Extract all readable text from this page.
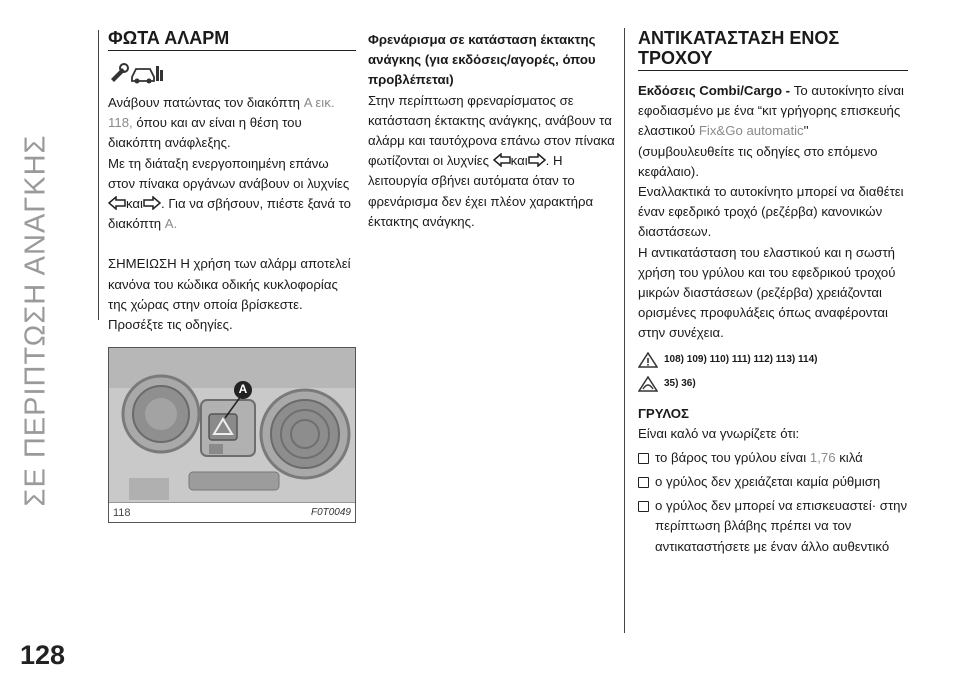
ΣΕ ΠΕΡΙΠΤΩΣΗ ΑΝΑΓΚΗΣ
ΦΩΤΑ ΑΛΑΡΜ

Ανάβουν πατώντας τον διακόπτη A εικ. 118, όπου και αν είναι η θέση του διακόπτη ανάφλεξης.

Με τη διάταξη ενεργοποιημένη επάνω στον πίνακα οργάνων ανάβουν οι λυχνίες και . Για να σβήσουν, πιέστε ξανά το διακόπτη A.

ΣΗΜΕΙΩΣΗ Η χρήση των αλάρμ αποτελεί κανόνα του κώδικα οδικής κυκλοφορίας της χώρας στην οποία βρίσκεστε. Προσέξτε τις οδηγίες.

A
118	F0T0049

Φρενάρισμα σε κατάσταση έκτακτης ανάγκης (για εκδόσεις/αγορές, όπου προβλέπεται)

Στην περίπτωση φρεναρίσματος σε κατάσταση έκτακτης ανάγκης, ανάβουν τα αλάρμ και ταυτόχρονα επάνω στον πίνακα φωτίζονται οι λυχνίες και . Η λειτουργία σβήνει αυτόματα όταν το φρενάρισμα δεν έχει πλέον χαρακτήρα έκτακτης ανάγκης.

ΑΝΤΙΚΑΤΑΣΤΑΣΗ ΕΝΟΣ ΤΡΟΧΟΥ

Εκδόσεις Combi/Cargo - Το αυτοκίνητο είναι εφοδιασμένο με ένα “κιτ γρήγορης επισκευής ελαστικού Fix&Go automatic'' (συμβουλευθείτε τις οδηγίες στο επόμενο κεφάλαιο).

Εναλλακτικά το αυτοκίνητο μπορεί να διαθέτει έναν εφεδρικό τροχό (ρεζέρβα) κανονικών διαστάσεων.

Η αντικατάσταση του ελαστικού και η σωστή χρήση του γρύλου και του εφεδρικού τροχού μικρών διαστάσεων (ρεζέρβα) χρειάζονται ορισμένες προφυλάξεις όπως αναφέρονται στην συνέχεια.

108) 109) 110) 111) 112) 113) 114)
35) 36)

ΓΡΥΛΟΣ

Είναι καλό να γνωρίζετε ότι:

το βάρος του γρύλου είναι 1,76 κιλά

ο γρύλος δεν χρειάζεται καμία ρύθμιση

ο γρύλος δεν μπορεί να επισκευαστεί· στην περίπτωση βλάβης πρέπει να τον αντικαταστήσετε με έναν άλλο αυθεντικό

128
